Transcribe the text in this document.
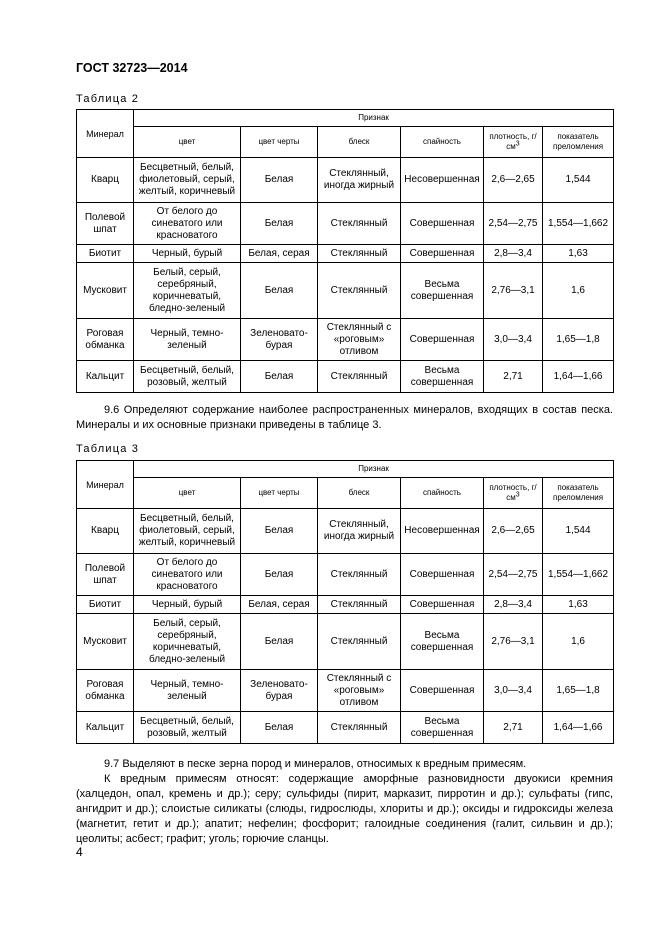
ГОСТ 32723—2014
Таблица 2
Минерал	Признак					
	цвет	цвет черты	блеск	спайность	плотность, $г/см^3$	показатель преломления
Кварц	Бесцветный, белый, фиолетовый, серый, желтый, коричневый	Белая	Стеклянный, иногда жирный	Несовершенная	2,6—2,65	1,544
Полевой шпат	От белого до синеватого или красноватого	Белая	Стеклянный	Совершенная	2,54—2,75	1,554—1,662
Биотит	Черный, бурый	Белая, серая	Стеклянный	Совершенная	2,8—3,4	1,63
Мусковит	Белый, серый, серебряный, коричневатый, бледно-зеленый	Белая	Стеклянный	Весьма совершенная	2,76—3,1	1,6
Роговая обманка	Черный, темно-зеленый	Зеленовато-бурая	Стеклянный с «роговым» отливом	Совершенная	3,0—3,4	1,65—1,8
Кальцит	Бесцветный, белый, розовый, желтый	Белая	Стеклянный	Весьма совершенная	2,71	1,64—1,66

9.6 Определяют содержание наиболее распространенных минералов, входящих в состав песка. Минералы и их основные признаки приведены в таблице 3.

Таблица 3
Минерал	Признак					
	цвет	цвет черты	блеск	спайность	плотность, $г/см^3$	показатель преломления
Кварц	Бесцветный, белый, фиолетовый, серый, желтый, коричневый	Белая	Стеклянный, иногда жирный	Несовершенная	2,6—2,65	1,544
Полевой шпат	От белого до синеватого или красноватого	Белая	Стеклянный	Совершенная	2,54—2,75	1,554—1,662
Биотит	Черный, бурый	Белая, серая	Стеклянный	Совершенная	2,8—3,4	1,63
Мусковит	Белый, серый, серебряный, коричневатый, бледно-зеленый	Белая	Стеклянный	Весьма совершенная	2,76—3,1	1,6
Роговая обманка	Черный, темно-зеленый	Зеленовато-бурая	Стеклянный с «роговым» отливом	Совершенная	3,0—3,4	1,65—1,8
Кальцит	Бесцветный, белый, розовый, желтый	Белая	Стеклянный	Весьма совершенная	2,71	1,64—1,66

9.7 Выделяют в песке зерна пород и минералов, относимых к вредным примесям.

К вредным примесям относят: содержащие аморфные разновидности двуокиси кремния (халцедон, опал, кремень и др.); серу; сульфиды (пирит, марказит, пирротин и др.); сульфаты (гипс, ангидрит и др.); слоистые силикаты (слюды, гидрослюды, хлориты и др.); оксиды и гидроксиды железа (магнетит, гетит и др.); апатит; нефелин; фосфорит; галоидные соединения (галит, сильвин и др.); цеолиты; асбест; графит; уголь; горючие сланцы.

4
